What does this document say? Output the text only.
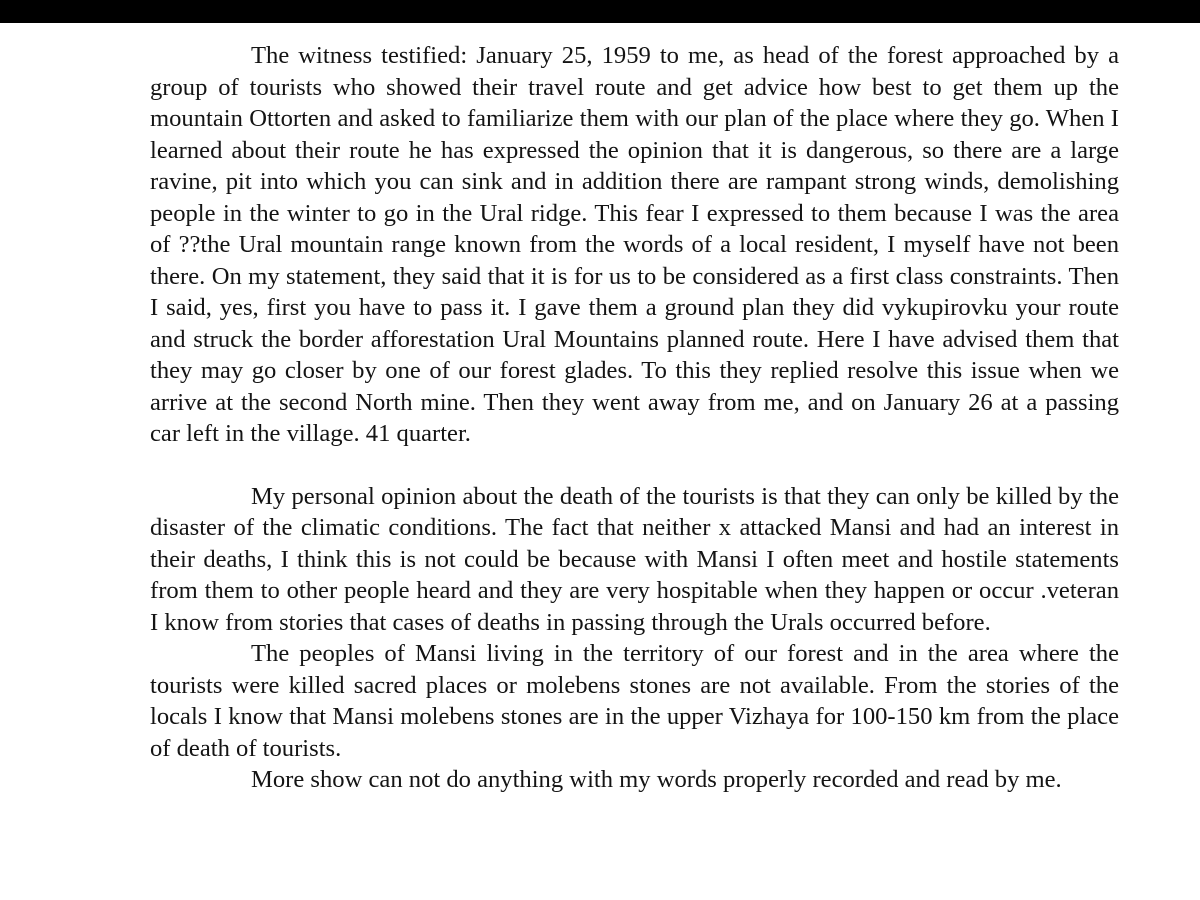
The witness testified: January 25, 1959 to me, as head of the forest approached by a group of tourists who showed their travel route and get advice how best to get them up the mountain Ottorten and asked to familiarize them with our plan of the place where they go. When I learned about their route he has expressed the opinion that it is dangerous, so there are a large ravine, pit into which you can sink and in addition there are rampant strong winds, demolishing people in the winter to go in the Ural ridge. This fear I expressed to them because I was the area of ??the Ural mountain range known from the words of a local resident, I myself have not been there. On my statement, they said that it is for us to be considered as a first class constraints. Then I said, yes, first you have to pass it. I gave them a ground plan they did vykupirovku your route and struck the border afforestation Ural Mountains planned route. Here I have advised them that they may go closer by one of our forest glades. To this they replied resolve this issue when we arrive at the second North mine. Then they went away from me, and on January 26 at a passing car left in the village. 41 quarter.

My personal opinion about the death of the tourists is that they can only be killed by the disaster of the climatic conditions. The fact that neither x attacked Mansi and had an interest in their deaths, I think this is not could be because with Mansi I often meet and hostile statements from them to other people heard and they are very hospitable when they happen or occur .veteran I know from stories that cases of deaths in passing through the Urals occurred before.

The peoples of Mansi living in the territory of our forest and in the area where the tourists were killed sacred places or molebens stones are not available. From the stories of the locals I know that Mansi molebens stones are in the upper Vizhaya for 100-150 km from the place of death of tourists.

More show can not do anything with my words properly recorded and read by me.
